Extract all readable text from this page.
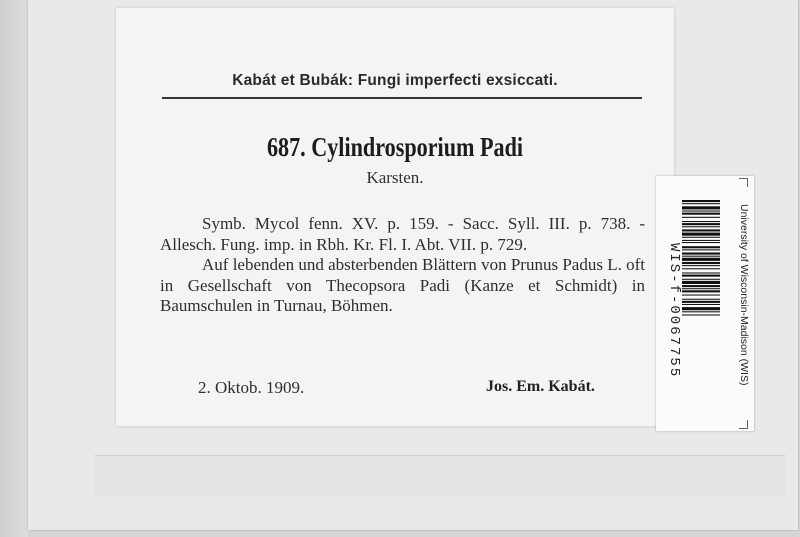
Kabát et Bubák: Fungi imperfecti exsiccati.
687. Cylindrosporium Padi
Karsten.

Symb. Mycol fenn. XV. p. 159. - Sacc. Syll. III. p. 738. - Allesch. Fung. imp. in Rbh. Kr. Fl. I. Abt. VII. p. 729.

Auf lebenden und absterbenden Blättern von Prunus Padus L. oft in Gesellschaft von Thecopsora Padi (Kanze et Schmidt) in Baumschulen in Turnau, Böhmen.

2. Oktob. 1909.	Jos. Em. Kabát.
WIS-f-0067755	University of Wisconsin-Madison (WIS)
